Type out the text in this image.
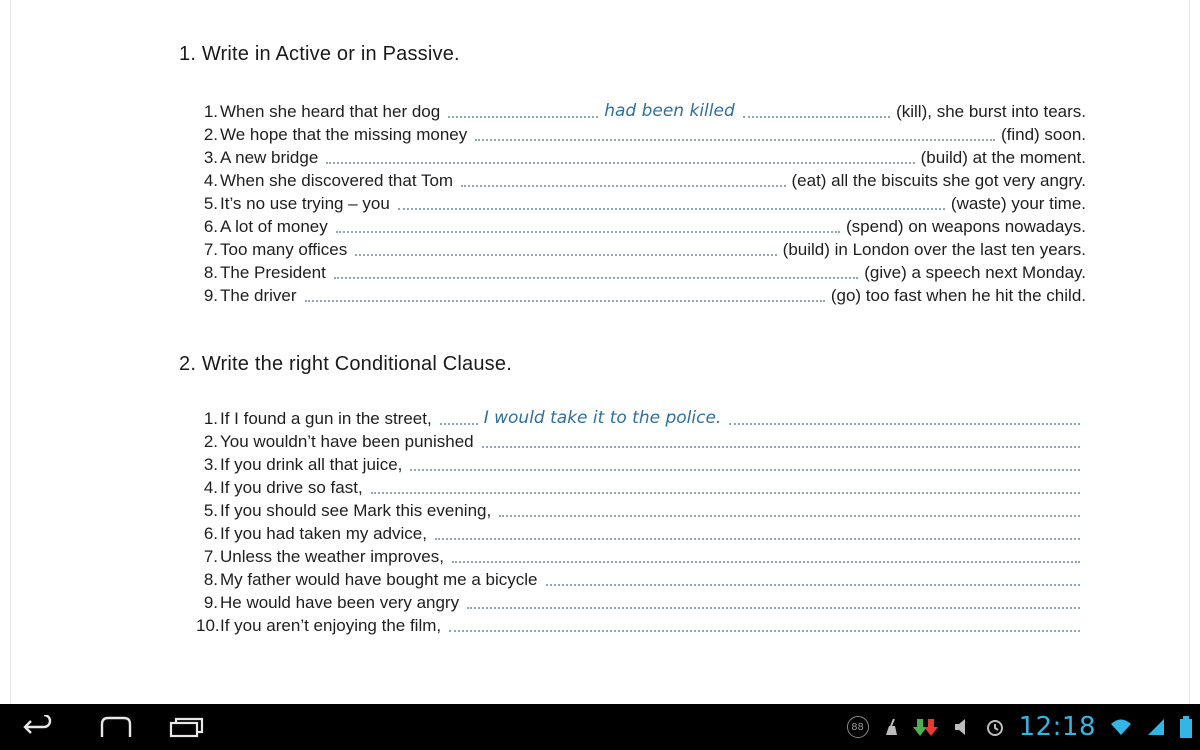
1. Write in Active or in Passive.
1. When she heard that her dog	had been killed	(kill), she burst into tears.
2. We hope that the missing money	(find) soon.
3. A new bridge	(build) at the moment.
4. When she discovered that Tom	(eat) all the biscuits she got very angry.
5. It’s no use trying – you	(waste) your time.
6. A lot of money	(spend) on weapons nowadays.
7. Too many offices	(build) in London over the last ten years.
8. The President	(give) a speech next Monday.
9. The driver	(go) too fast when he hit the child.
2. Write the right Conditional Clause.
1. If I found a gun in the street,	I would take it to the police.
2. You wouldn’t have been punished
3. If you drink all that juice,
4. If you drive so fast,
5. If you should see Mark this evening,
6. If you had taken my advice,
7. Unless the weather improves,
8. My father would have bought me a bicycle
9. He would have been very angry
10. If you aren’t enjoying the film,
88	12:18
